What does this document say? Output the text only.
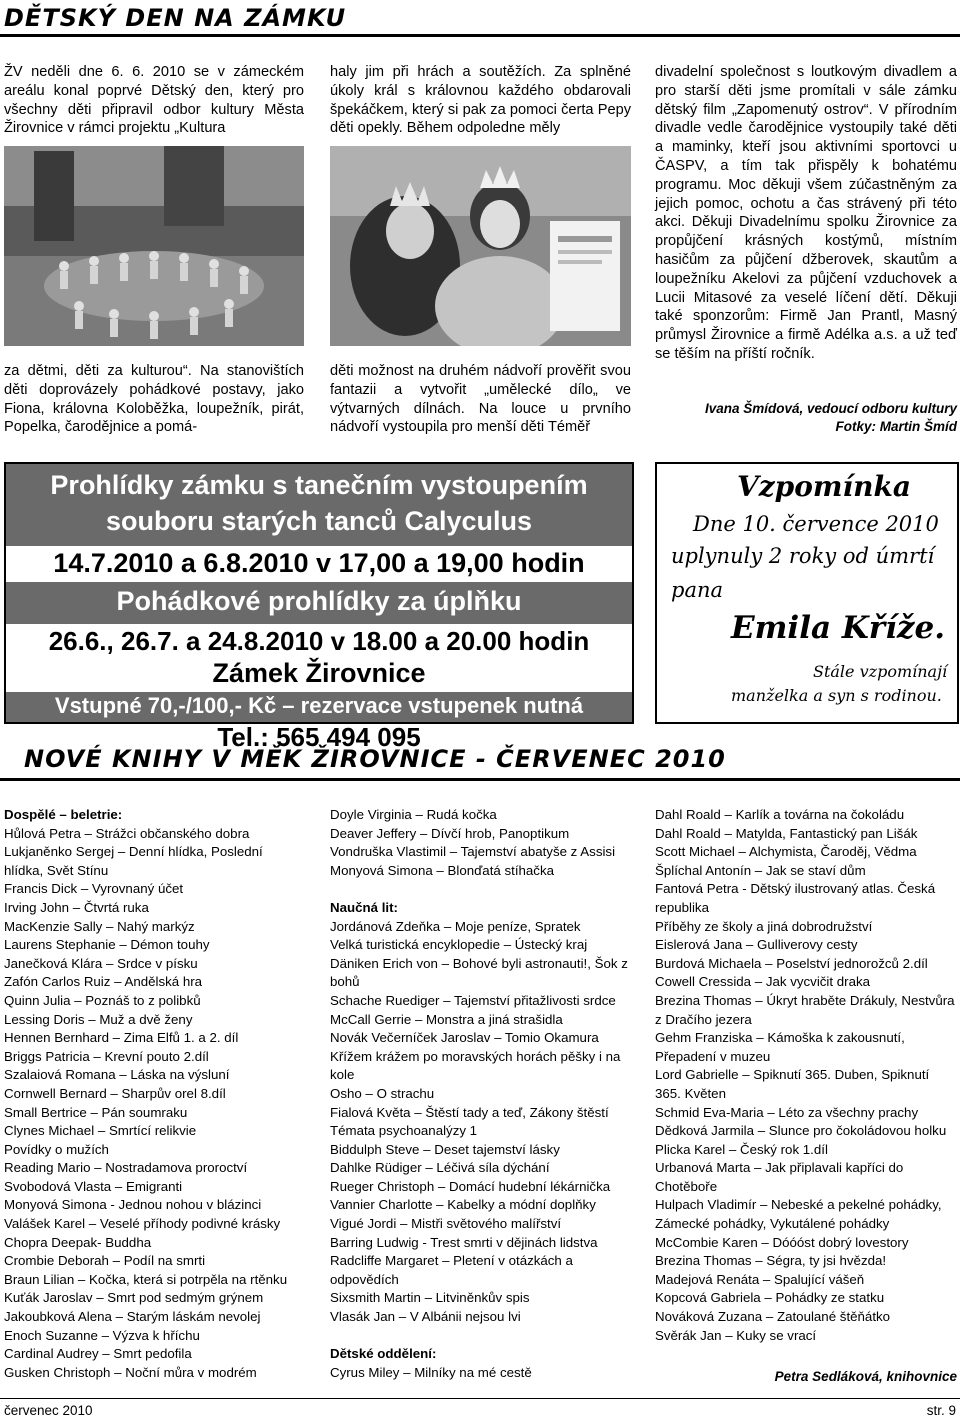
DĚTSKÝ DEN NA ZÁMKU

ŽV neděli dne 6. 6. 2010 se v zámeckém areálu konal poprvé Dětský den, který pro všechny děti připravil odbor kultury Města Žirovnice v rámci projektu „Kultura

za dětmi, děti za kulturou“. Na stanovištích děti doprovázely pohádkové postavy, jako Fiona, královna Koloběžka, loupežník, pirát, Popelka, čarodějnice a pomá-

haly jim při hrách a soutěžích. Za splněné úkoly král s královnou každého obdarovali špekáčkem, který si pak za pomoci čerta Pepy děti opekly. Během odpoledne měly

děti možnost na druhém nádvoří prověřit svou fantazii a vytvořit „umělecké dílo„ ve výtvarných dílnách. Na louce u prvního nádvoří vystoupila pro menší děti Téměř

divadelní společnost s loutkovým divadlem a pro starší děti jsme promítali v sále zámku dětský film „Zapomenutý ostrov“. V přírodním divadle vedle čarodějnice vystoupily také děti a maminky, kteří jsou aktivními sportovci u ČASPV, a tím tak přispěly k bohatému programu. Moc děkuji všem zúčastněným za jejich pomoc, ochotu a čas strávený při této akci. Děkuji Divadelnímu spolku Žirovnice za propůjčení krásných kostýmů, místním hasičům za půjčení džberovek, skautům a loupežníku Akelovi za půjčení vzduchovek a Lucii Mitasové za veselé líčení dětí. Děkuji také sponzorům: Firmě Jan Prantl, Masný průmysl Žirovnice a firmě Adélka a.s. a už teď se těším na příští ročník.

Ivana Šmídová, vedoucí odboru kultury
Fotky: Martin Šmíd
Prohlídky zámku s tanečním vystoupením
souboru starých tanců Calyculus
14.7.2010 a 6.8.2010 v 17,00 a 19,00 hodin
Pohádkové prohlídky za úplňku
26.6., 26.7. a 24.8.2010 v 18.00 a 20.00 hodin
Zámek Žirovnice
Vstupné 70,-/100,- Kč – rezervace vstupenek nutná
Tel.: 565 494 095
Vzpomínka
Dne 10. července 2010
uplynuly 2 roky od úmrtí
pana
Emila Kříže.
Stále vzpomínají
manželka a syn s rodinou.
NOVÉ KNIHY V MĚK ŽIROVNICE - ČERVENEC 2010
Dospělé – beletrie:
Hůlová Petra – Strážci občanského dobra
Lukjaněnko Sergej – Denní hlídka, Poslední hlídka, Svět Stínu
Francis Dick – Vyrovnaný účet
Irving John – Čtvrtá ruka
MacKenzie Sally – Nahý markýz
Laurens Stephanie – Démon touhy
Janečková Klára – Srdce v písku
Zafón Carlos Ruiz – Andělská hra
Quinn Julia – Poznáš to z polibků
Lessing Doris – Muž a dvě ženy
Hennen Bernhard – Zima Elfů 1. a 2. díl
Briggs Patricia – Krevní pouto 2.díl
Szalaiová Romana – Láska na výsluní
Cornwell Bernard – Sharpův orel 8.díl
Small Bertrice – Pán soumraku
Clynes Michael – Smrtící relikvie
Povídky o mužích
Reading Mario – Nostradamova proroctví
Svobodová Vlasta – Emigranti
Monyová Simona - Jednou nohou v blázinci
Valášek Karel – Veselé příhody podivné krásky
Chopra Deepak- Buddha
Crombie Deborah – Podíl na smrti
Braun Lilian – Kočka, která si potrpěla na rtěnku
Kuťák Jaroslav – Smrt pod sedmým grýnem
Jakoubková Alena – Starým láskám nevolej
Enoch Suzanne – Výzva k hříchu
Cardinal Audrey – Smrt pedofila
Gusken Christoph – Noční můra v modrém
Doyle Virginia – Rudá kočka
Deaver Jeffery – Dívčí hrob, Panoptikum
Vondruška Vlastimil – Tajemství abatyše z Assisi
Monyová Simona – Blonďatá stíhačka
Naučná lit:
Jordánová Zdeňka – Moje peníze, Spratek
Velká turistická encyklopedie – Ústecký kraj
Däniken Erich von – Bohové byli astronauti!, Šok z bohů
Schache Ruediger – Tajemství přitažlivosti srdce
McCall Gerrie – Monstra a jiná strašidla
Novák Večerníček Jaroslav – Tomio Okamura
Křížem krážem po moravských horách pěšky i na kole
Osho – O strachu
Fialová Květa – Štěstí tady a teď, Zákony štěstí
Témata psychoanalýzy 1
Biddulph Steve – Deset tajemství lásky
Dahlke Rüdiger – Léčivá síla dýchání
Rueger Christoph – Domácí hudební lékárnička
Vannier Charlotte – Kabelky a módní doplňky
Vigué Jordi – Mistři světového malířství
Barring Ludwig - Trest smrti v dějinách lidstva
Radcliffe Margaret – Pletení v otázkách a odpovědích
Sixsmith Martin – Litviněnkův spis
Vlasák Jan – V Albánii nejsou lvi
Dětské oddělení:
Cyrus Miley – Milníky na mé cestě
Dahl Roald – Karlík a továrna na čokoládu
Dahl Roald – Matylda, Fantastický pan Lišák
Scott Michael – Alchymista, Čaroděj, Vědma
Šplíchal Antonín – Jak se staví dům
Fantová Petra - Dětský ilustrovaný atlas. Česká republika
Příběhy ze školy a jiná dobrodružství
Eislerová Jana – Gulliverovy cesty
Burdová Michaela – Poselství jednorožců 2.díl
Cowell Cressida – Jak vycvičit draka
Brezina Thomas – Úkryt hraběte Drákuly, Nestvůra z Dračího jezera
Gehm Franziska – Kámoška k zakousnutí, Přepadení v muzeu
Lord Gabrielle – Spiknutí 365. Duben, Spiknutí 365. Květen
Schmid Eva-Maria – Léto za všechny prachy
Dědková Jarmila – Slunce pro čokoládovou holku
Plicka Karel – Český rok 1.díl
Urbanová Marta – Jak připlavali kapříci do Chotěboře
Hulpach Vladimír – Nebeské a pekelné pohádky, Zámecké pohádky, Vykutálené pohádky
McCombie Karen – Dóóóst dobrý lovestory
Brezina Thomas – Ségra, ty jsi hvězda!
Madejová Renáta – Spalující vášeň
Kopcová Gabriela – Pohádky ze statku
Nováková Zuzana – Zatoulané štěňátko
Svěrák Jan – Kuky se vrací
Petra Sedláková, knihovnice
červenec 2010	str. 9
